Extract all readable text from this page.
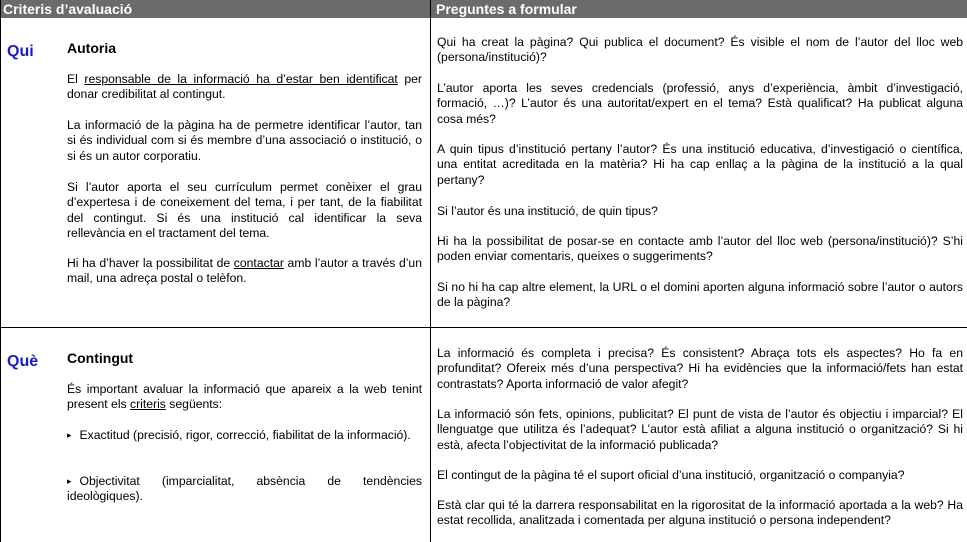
Criteris d’avaluació	Preguntes a formular
Qui Autoria
El responsable de la informació ha d’estar ben identificat per donar credibilitat al contingut.
La informació de la pàgina ha de permetre identificar l’autor, tan si és individual com si és membre d’una associació o institució, o si és un autor corporatiu.
Si l’autor aporta el seu currículum permet conèixer el grau d’expertesa i de coneixement del tema, i per tant, de la fiabilitat del contingut. Si és una institució cal identificar la seva rellevància en el tractament del tema.
Hi ha d’haver la possibilitat de contactar amb l’autor a través d’un mail, una adreça postal o telèfon.
Qui ha creat la pàgina? Qui publica el document? És visible el nom de l’autor del lloc web (persona/institució)?
L’autor aporta les seves credencials (professió, anys d’experiència, àmbit d’investigació, formació, …)? L’autor és una autoritat/expert en el tema? Està qualificat? Ha publicat alguna cosa més?
A quin tipus d’institució pertany l’autor? És una institució educativa, d’investigació o científica, una entitat acreditada en la matèria? Hi ha cap enllaç a la pàgina de la institució a la qual pertany?
Si l’autor és una institució, de quin tipus?
Hi ha la possibilitat de posar-se en contacte amb l’autor del lloc web (persona/institució)? S’hi poden enviar comentaris, queixes o suggeriments?
Si no hi ha cap altre element, la URL o el domini aporten alguna informació sobre l’autor o autors de la pàgina?
Què Contingut
És important avaluar la informació que apareix a la web tenint present els criteris següents:
▸ Exactitud (precisió, rigor, correcció, fiabilitat de la informació).
▸ Objectivitat (imparcialitat, absència de tendències ideològiques).
La informació és completa i precisa? És consistent? Abraça tots els aspectes? Ho fa en profunditat? Ofereix més d’una perspectiva? Hi ha evidències que la informació/fets han estat contrastats? Aporta informació de valor afegit?
La informació són fets, opinions, publicitat? El punt de vista de l’autor és objectiu i imparcial? El llenguatge que utilitza és l’adequat? L’autor està afiliat a alguna institució o organització? Si hi està, afecta l’objectivitat de la informació publicada?
El contingut de la pàgina té el suport oficial d’una institució, organització o companyia?
Està clar qui té la darrera responsabilitat en la rigorositat de la informació aportada a la web? Ha estat recollida, analitzada i comentada per alguna institució o persona independent?
